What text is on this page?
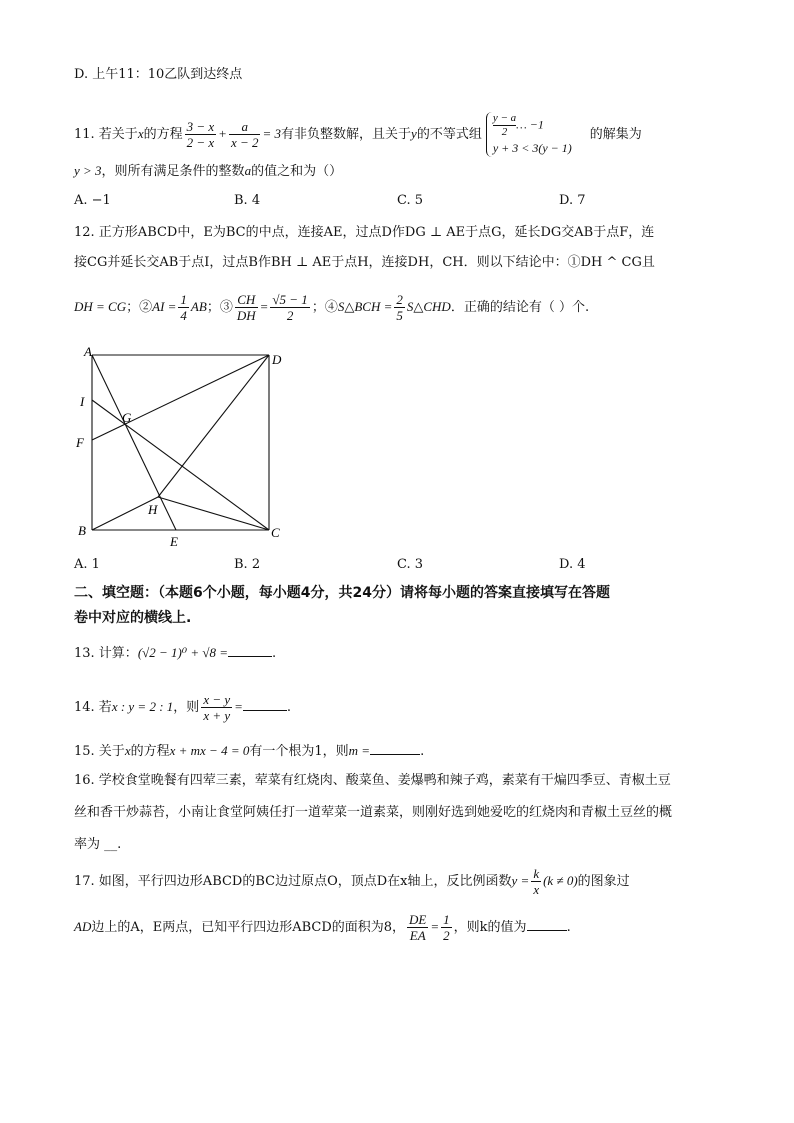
D. 上午11：10乙队到达终点
11. 若关于x的方程 $\frac{3 - x}{2 - x} + \frac{a}{x - 2} = 3$有非负整数解，且关于y的不等式组 $\frac{y - a}{2}$ … −1
y + 3 < 3(y − 1)
的解集为
y > 3，则所有满足条件的整数a的值之和为（）
A. −1	B. 4	C. 5	D. 7
12. 正方形ABCD中，E为BC的中点，连接AE，过点D作DG ⊥ AE于点G，延长DG交AB于点F，连
接CG并延长交AB于点I，过点B作BH ⊥ AE于点H，连接DH，CH．则以下结论中：①DH ^ CG且
DH = CG；②AI = $\frac{1}{4}$ AB；③ $\frac{CH}{DH} = \frac{√5 - 1}{2}$ ；④S△BCH = $\frac{2}{5}$ S△CHD．正确的结论有（ ）个.
A
B	C
D
E
F
G
H
I
A. 1	B. 2	C. 3	D. 4
二、填空题：（本题6个小题，每小题4分，共24分）请将每小题的答案直接填写在答题
卷中对应的横线上.
13. 计算：(√2 − 1)⁰ + √8 =	.
14. 若x : y = 2 : 1，则 $\frac{x - y}{x + y}$ =	.
15. 关于x的方程x + mx − 4 = 0有一个根为1，则m =	.
16. 学校食堂晚餐有四荤三素，荤菜有红烧肉、酸菜鱼、姜爆鸭和辣子鸡，素菜有干煸四季豆、青椒土豆
丝和香干炒蒜苔，小南让食堂阿姨任打一道荤菜一道素菜，则刚好选到她爱吃的红烧肉和青椒土豆丝的概
率为 __.
17. 如图，平行四边形ABCD的BC边过原点O，顶点D在x轴上，反比例函数$y = \frac{k}{x} (k \ne 0)$的图象过
AD边上的A，E两点，已知平行四边形ABCD的面积为8， $\frac{DE}{EA} = \frac{1}{2}$ ，则k的值为	.
